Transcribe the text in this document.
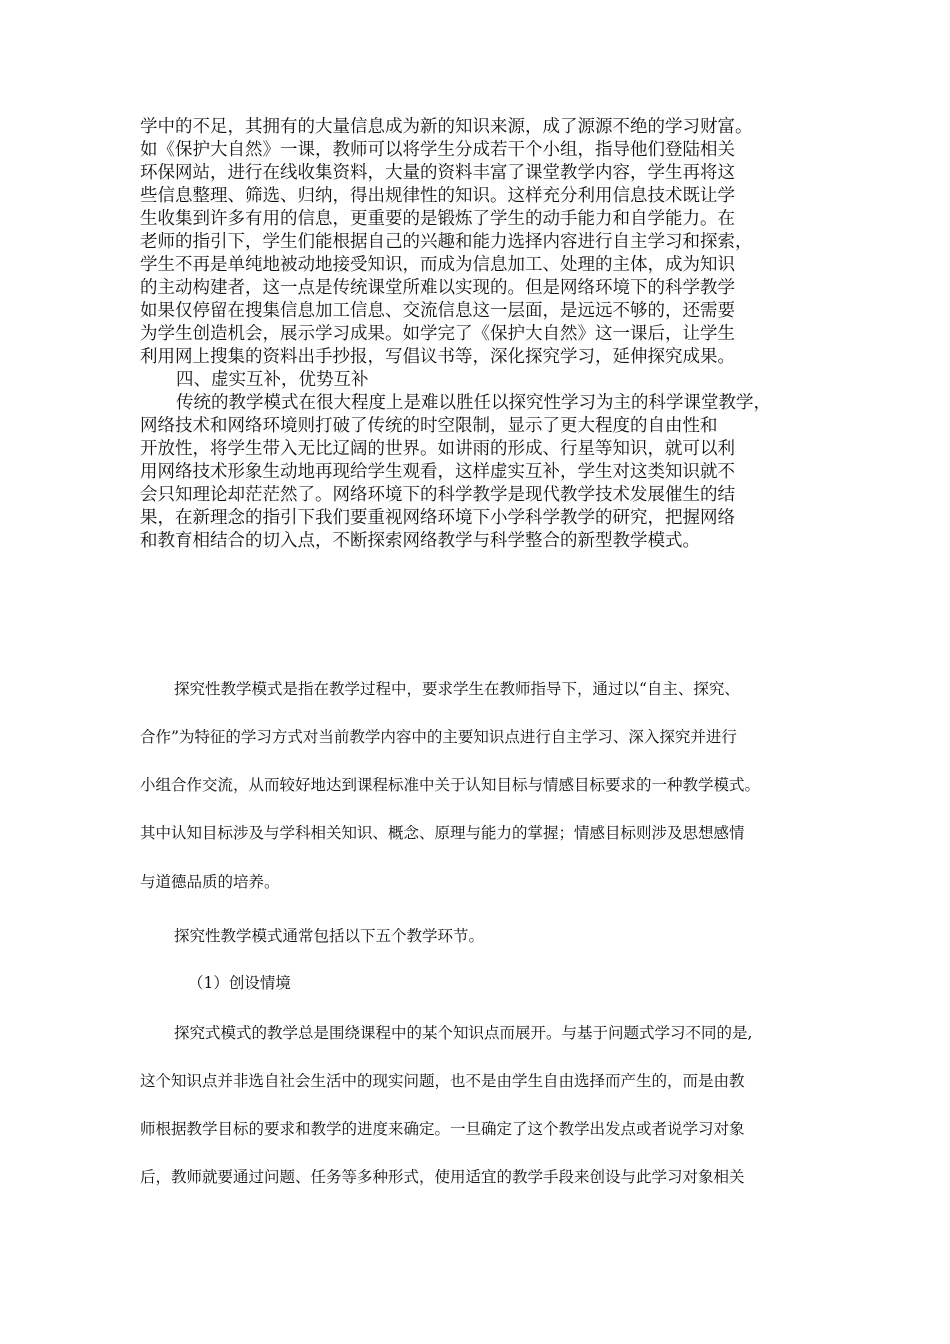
学中的不足，其拥有的大量信息成为新的知识来源，成了源源不绝的学习财富。
如《保护大自然》一课，教师可以将学生分成若干个小组，指导他们登陆相关
环保网站，进行在线收集资料，大量的资料丰富了课堂教学内容，学生再将这
些信息整理、筛选、归纳，得出规律性的知识。这样充分利用信息技术既让学
生收集到许多有用的信息，更重要的是锻炼了学生的动手能力和自学能力。在
老师的指引下，学生们能根据自己的兴趣和能力选择内容进行自主学习和探索，
学生不再是单纯地被动地接受知识，而成为信息加工、处理的主体，成为知识
的主动构建者，这一点是传统课堂所难以实现的。但是网络环境下的科学教学
如果仅停留在搜集信息加工信息、交流信息这一层面，是远远不够的，还需要
为学生创造机会，展示学习成果。如学完了《保护大自然》这一课后，让学生
利用网上搜集的资料出手抄报，写倡议书等，深化探究学习，延伸探究成果。
四、虚实互补，优势互补
传统的教学模式在很大程度上是难以胜任以探究性学习为主的科学课堂教学，
网络技术和网络环境则打破了传统的时空限制，显示了更大程度的自由性和
开放性，将学生带入无比辽阔的世界。如讲雨的形成、行星等知识，就可以利
用网络技术形象生动地再现给学生观看，这样虚实互补，学生对这类知识就不
会只知理论却茫茫然了。网络环境下的科学教学是现代教学技术发展催生的结
果，在新理念的指引下我们要重视网络环境下小学科学教学的研究，把握网络
和教育相结合的切入点，不断探索网络教学与科学整合的新型教学模式。
探究性教学模式是指在教学过程中，要求学生在教师指导下，通过以“自主、探究、
合作”为特征的学习方式对当前教学内容中的主要知识点进行自主学习、深入探究并进行
小组合作交流，从而较好地达到课程标准中关于认知目标与情感目标要求的一种教学模式。
其中认知目标涉及与学科相关知识、概念、原理与能力的掌握；情感目标则涉及思想感情
与道德品质的培养。
探究性教学模式通常包括以下五个教学环节。
（1）创设情境
探究式模式的教学总是围绕课程中的某个知识点而展开。与基于问题式学习不同的是,
这个知识点并非选自社会生活中的现实问题，也不是由学生自由选择而产生的，而是由教
师根据教学目标的要求和教学的进度来确定。一旦确定了这个教学出发点或者说学习对象
后，教师就要通过问题、任务等多种形式，使用适宜的教学手段来创设与此学习对象相关
